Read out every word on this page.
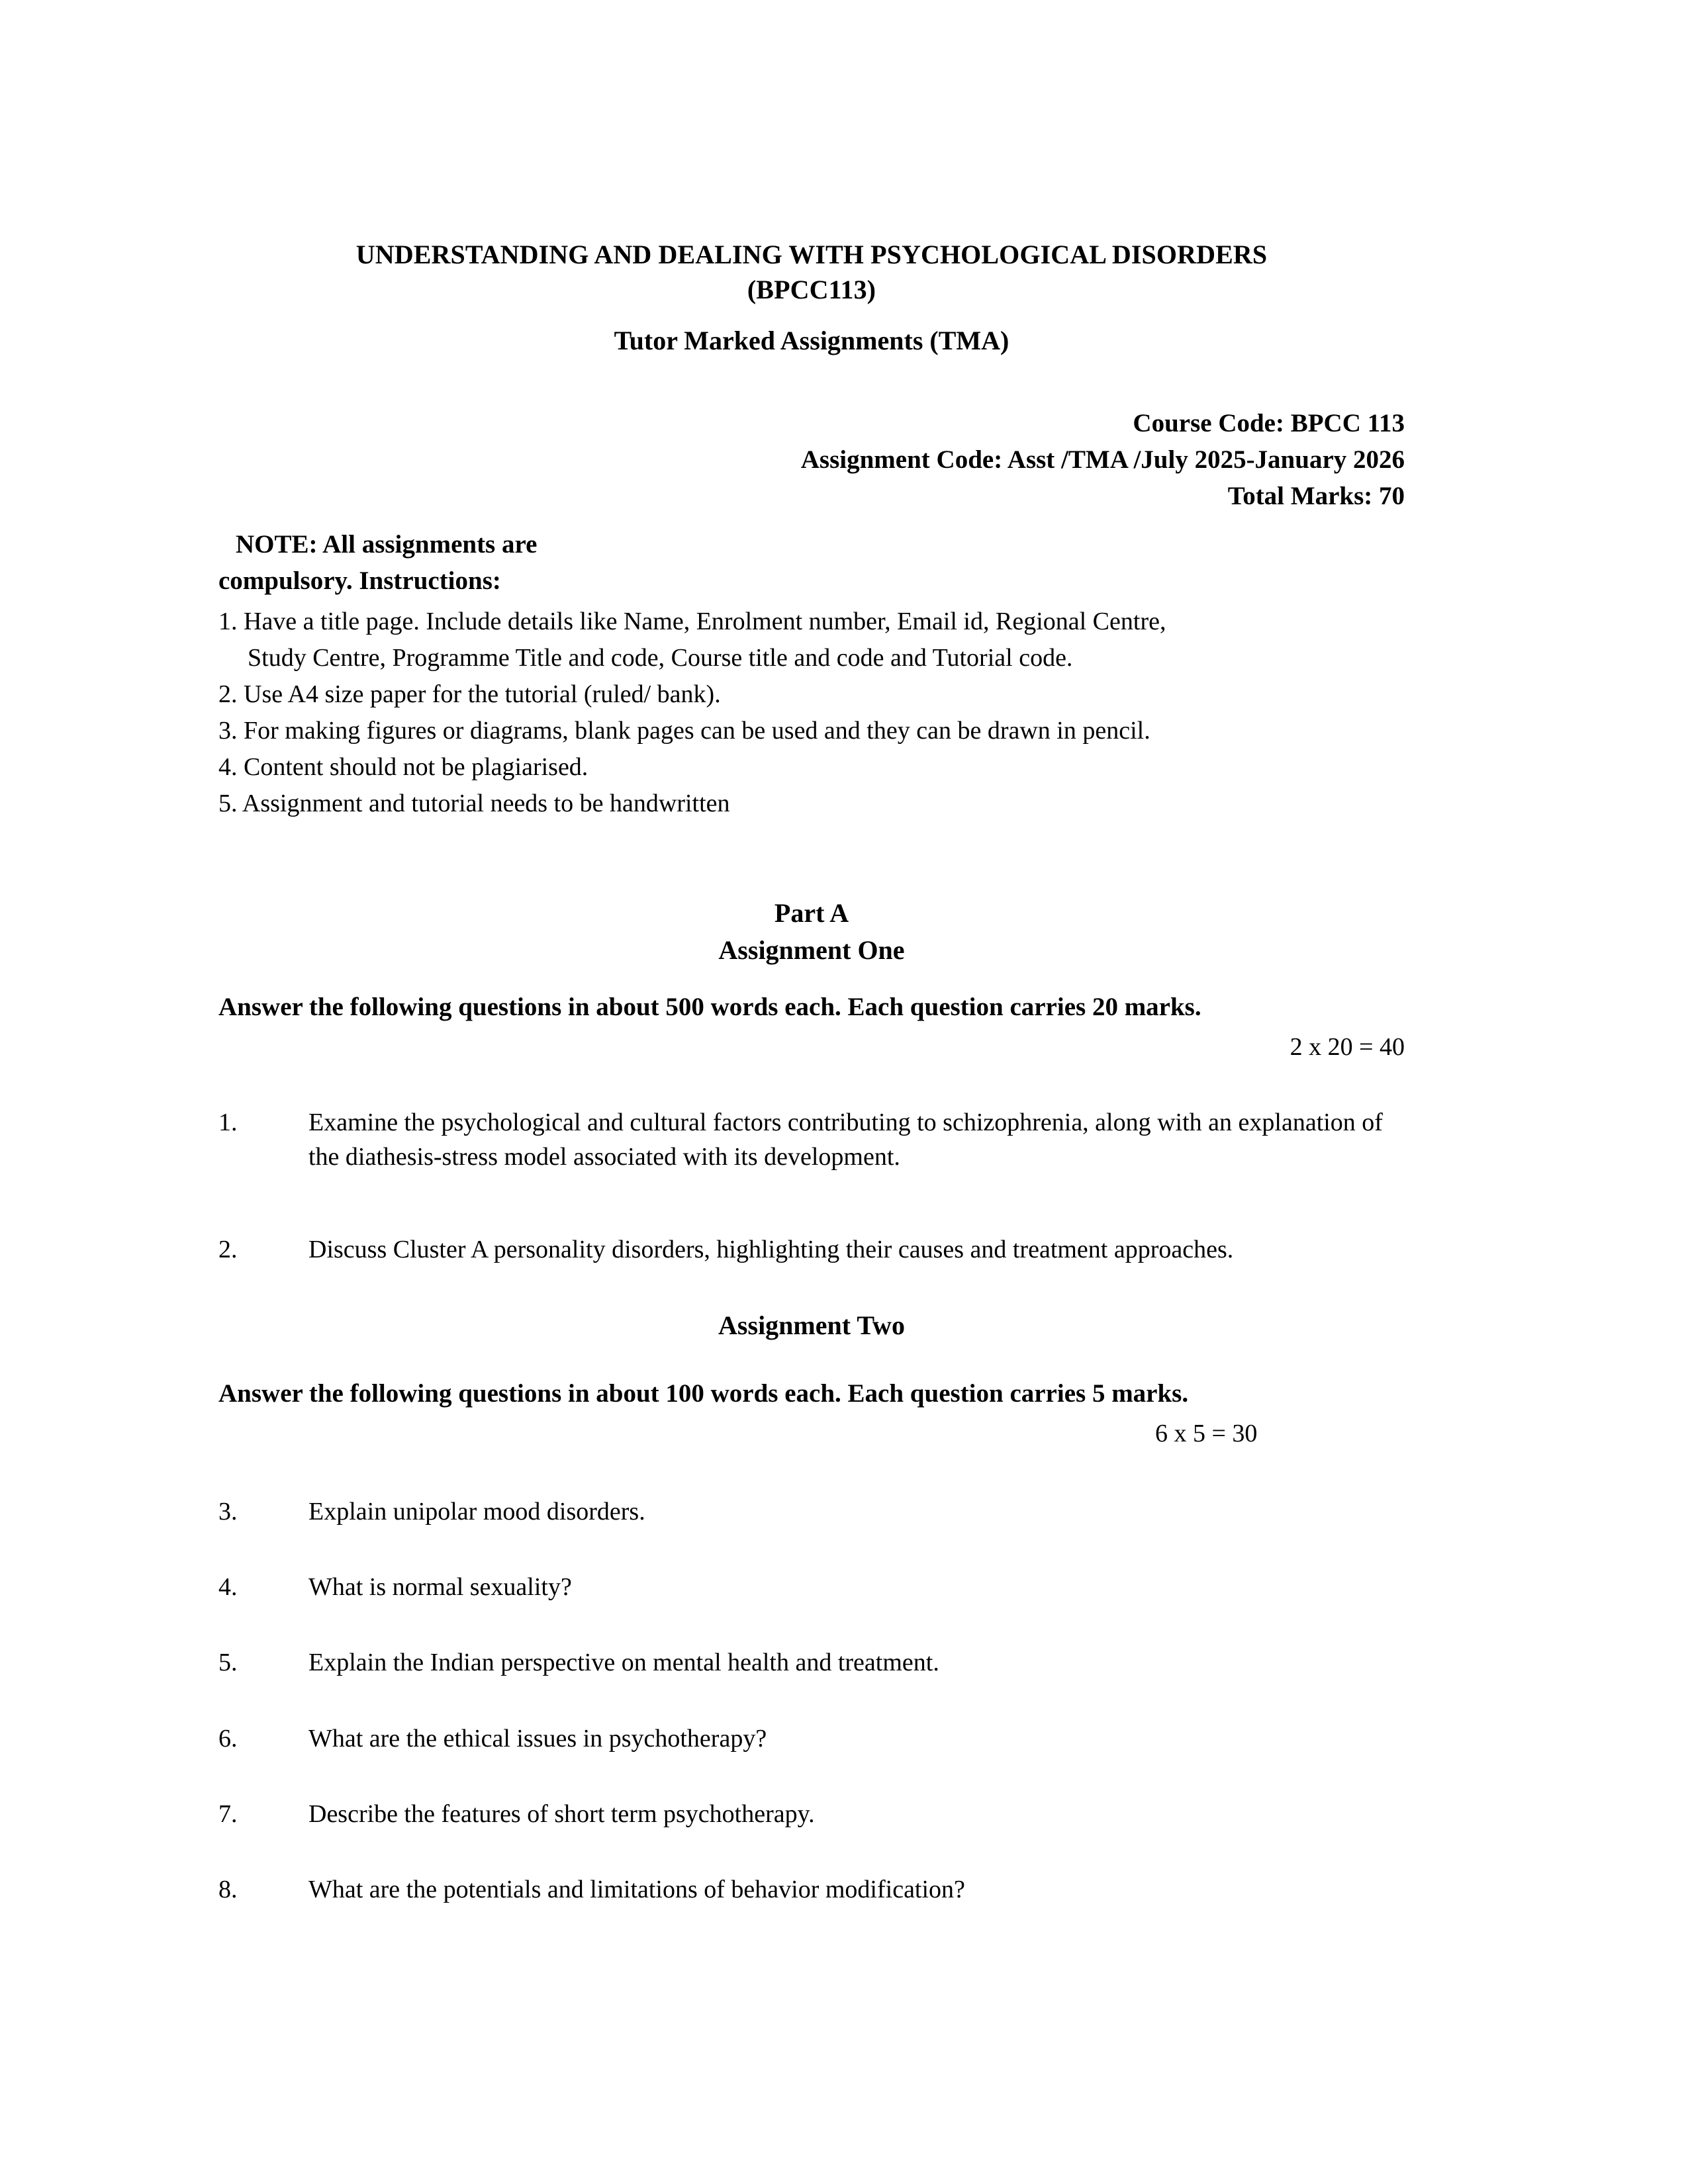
UNDERSTANDING AND DEALING WITH PSYCHOLOGICAL DISORDERS
(BPCC113)
Tutor Marked Assignments (TMA)
Course Code: BPCC 113
Assignment Code: Asst /TMA /July 2025-January 2026
Total Marks: 70
NOTE: All assignments are
compulsory. Instructions:
1. Have a title page. Include details like Name, Enrolment number, Email id, Regional Centre,
Study Centre, Programme Title and code, Course title and code and Tutorial code.
2. Use A4 size paper for the tutorial (ruled/ bank).
3. For making figures or diagrams, blank pages can be used and they can be drawn in pencil.
4. Content should not be plagiarised.
5. Assignment and tutorial needs to be handwritten
Part A
Assignment One
Answer the following questions in about 500 words each. Each question carries 20 marks.
2 x 20 = 40
1.	Examine the psychological and cultural factors contributing to schizophrenia, along with an explanation of the diathesis-stress model associated with its development.
2.	Discuss Cluster A personality disorders, highlighting their causes and treatment approaches.
Assignment Two
Answer the following questions in about 100 words each. Each question carries 5 marks.
6 x 5 = 30
3.	Explain unipolar mood disorders.
4.	What is normal sexuality?
5.	Explain the Indian perspective on mental health and treatment.
6.	What are the ethical issues in psychotherapy?
7.	Describe the features of short term psychotherapy.
8.	What are the potentials and limitations of behavior modification?
